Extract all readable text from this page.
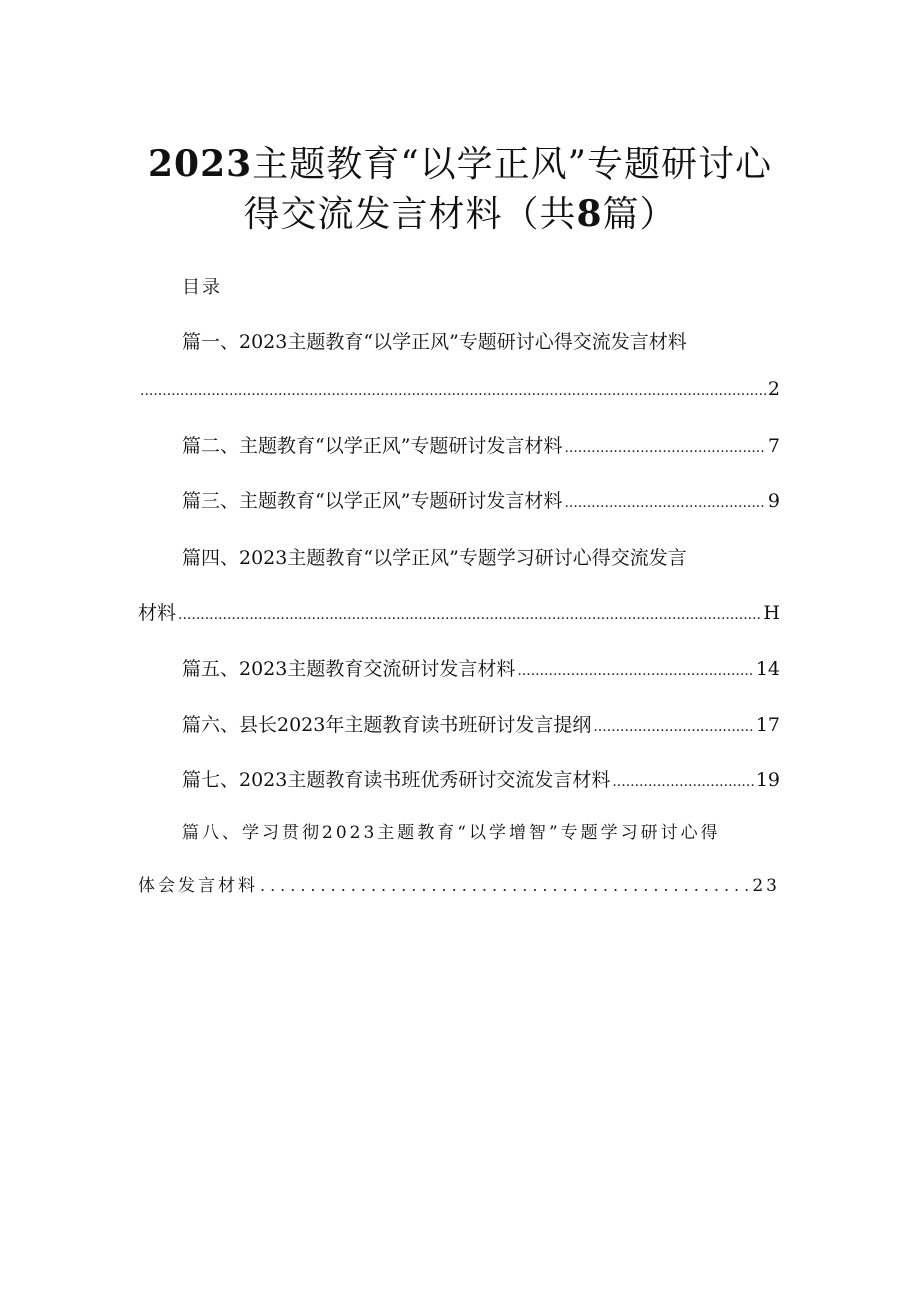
2023主题教育“以学正风”专题研讨心
得交流发言材料（共8篇）
目录
篇一、2023主题教育“以学正风”专题研讨心得交流发言材料
.....
2
篇二、主题教育“以学正风”专题研讨发言材料 .....	7
篇三、主题教育“以学正风”专题研讨发言材料 .....	9
篇四、2023主题教育“以学正风”专题学习研讨心得交流发言
材料 .....	H
篇五、2023主题教育交流研讨发言材料 .....	14
篇六、县长2023年主题教育读书班研讨发言提纲 .....	17
篇七、2023主题教育读书班优秀研讨交流发言材料 .....	19
篇八、学习贯彻2023主题教育“以学增智”专题学习研讨心得
体会发言材料 .....	23
